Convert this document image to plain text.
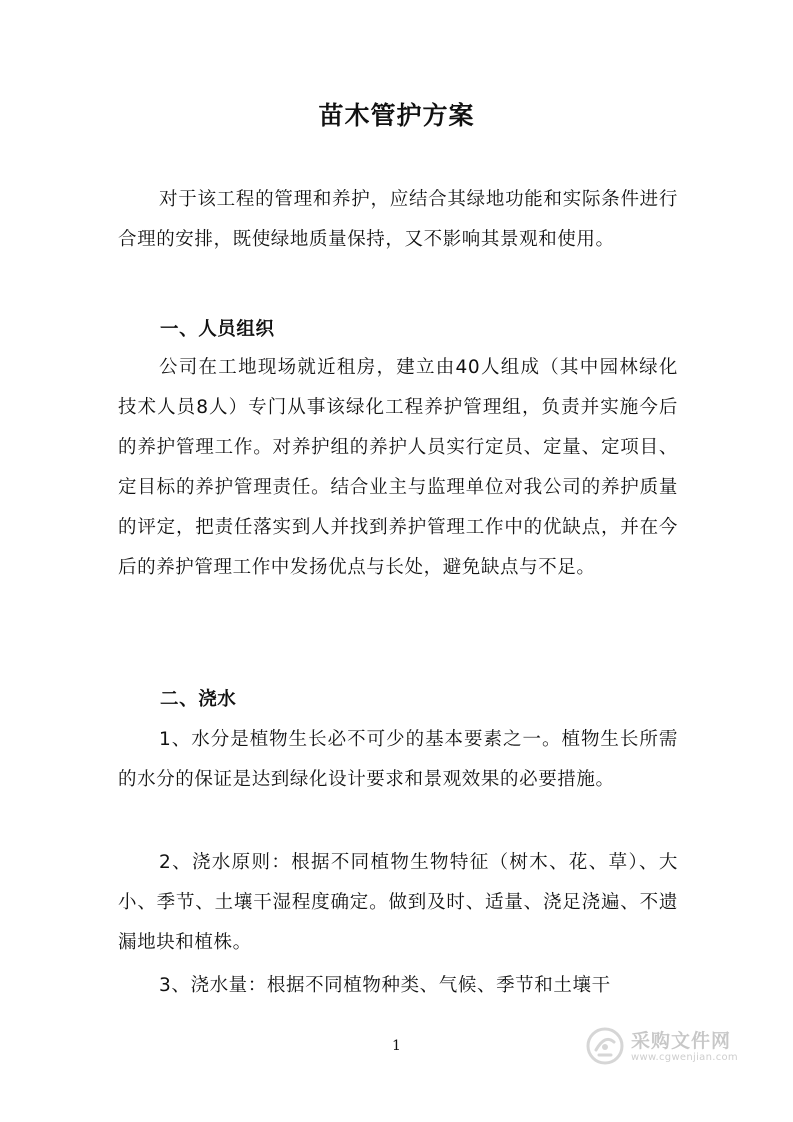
苗木管护方案

对于该工程的管理和养护，应结合其绿地功能和实际条件进行合理的安排，既使绿地质量保持，又不影响其景观和使用。

一、人员组织

公司在工地现场就近租房，建立由40人组成（其中园林绿化技术人员8人）专门从事该绿化工程养护管理组，负责并实施今后的养护管理工作。对养护组的养护人员实行定员、定量、定项目、定目标的养护管理责任。结合业主与监理单位对我公司的养护质量的评定，把责任落实到人并找到养护管理工作中的优缺点，并在今后的养护管理工作中发扬优点与长处，避免缺点与不足。

二、浇水

1、水分是植物生长必不可少的基本要素之一。植物生长所需的水分的保证是达到绿化设计要求和景观效果的必要措施。

2、浇水原则：根据不同植物生物特征（树木、花、草）、大小、季节、土壤干湿程度确定。做到及时、适量、浇足浇遍、不遗漏地块和植株。

3、浇水量：根据不同植物种类、气候、季节和土壤干

1	采购文件网
www.cgwenjian.com
